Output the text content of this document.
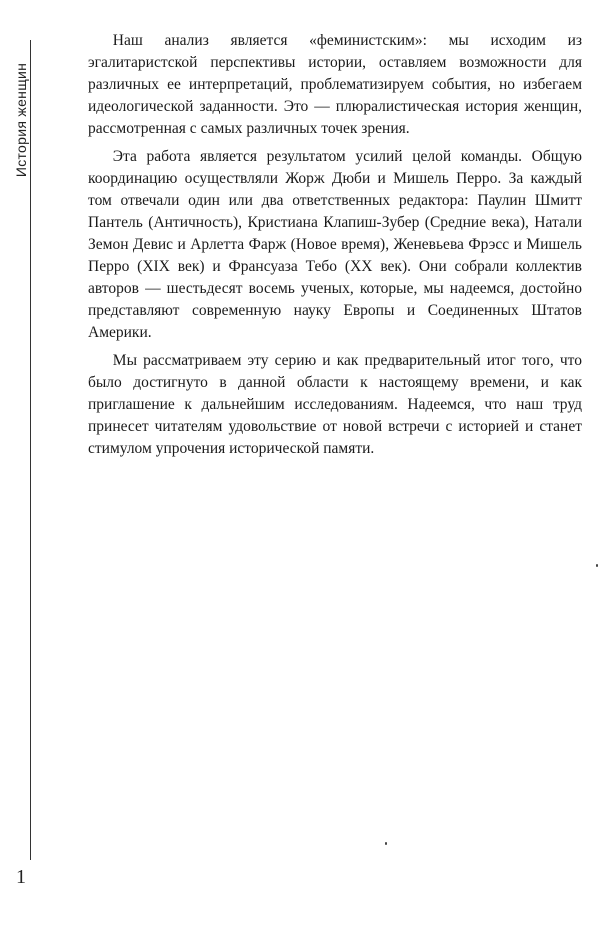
История женщин

Наш анализ является «феминистским»: мы исходим из эгалитаристской перспективы истории, оставляем возможности для различных ее интерпретаций, проблематизируем события, но избегаем идеологической заданности. Это — плюралистическая история женщин, рассмотренная с самых различных точек зрения.

Эта работа является результатом усилий целой команды. Общую координацию осуществляли Жорж Дюби и Мишель Перро. За каждый том отвечали один или два ответственных редактора: Паулин Шмитт Пантель (Античность), Кристиана Клапиш-Зубер (Средние века), Натали Земон Девис и Арлетта Фарж (Новое время), Женевьева Фрэсс и Мишель Перро (XIX век) и Франсуаза Тебо (XX век). Они собрали коллектив авторов — шестьдесят восемь ученых, которые, мы надеемся, достойно представляют современную науку Европы и Соединенных Штатов Америки.

Мы рассматриваем эту серию и как предварительный итог того, что было достигнуто в данной области к настоящему времени, и как приглашение к дальнейшим исследованиям. Надеемся, что наш труд принесет читателям удовольствие от новой встречи с историей и станет стимулом упрочения исторической памяти.

1
